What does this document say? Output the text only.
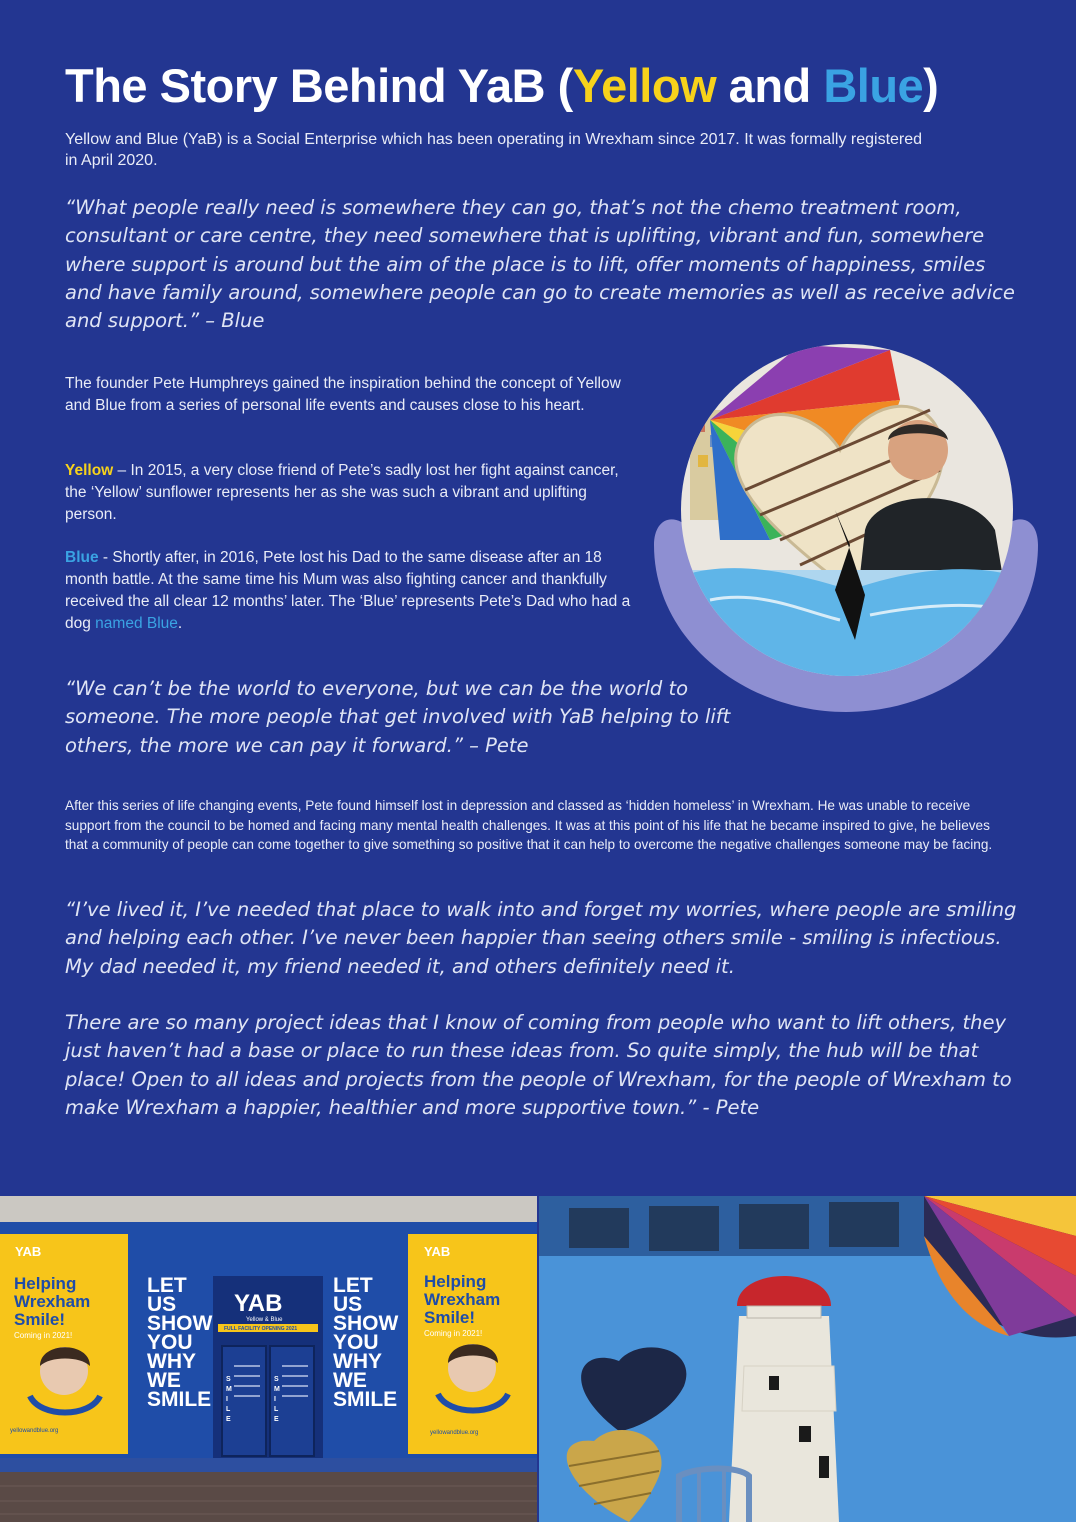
The Story Behind YaB (Yellow and Blue)

Yellow and Blue (YaB) is a Social Enterprise which has been operating in Wrexham since 2017. It was formally registered in April 2020.

“What people really need is somewhere they can go, that’s not the chemo treatment room, consultant or care centre, they need somewhere that is uplifting, vibrant and fun, somewhere where support is around but the aim of the place is to lift, offer moments of happiness, smiles and have family around, somewhere people can go to create memories as well as receive advice and support.” – Blue

The founder Pete Humphreys gained the inspiration behind the concept of Yellow and Blue from a series of personal life events and causes close to his heart.

Yellow – In 2015, a very close friend of Pete’s sadly lost her fight against cancer, the ‘Yellow’ sunflower represents her as she was such a vibrant and uplifting person.

Blue - Shortly after, in 2016, Pete lost his Dad to the same disease after an 18 month battle. At the same time his Mum was also fighting cancer and thankfully received the all clear 12 months’ later. The ‘Blue’ represents Pete’s Dad who had a dog named Blue.

“We can’t be the world to everyone, but we can be the world to someone. The more people that get involved with YaB helping to lift others, the more we can pay it forward.” – Pete

After this series of life changing events, Pete found himself lost in depression and classed as ‘hidden homeless’ in Wrexham. He was unable to receive support from the council to be homed and facing many mental health challenges. It was at this point of his life that he became inspired to give, he believes that a community of people can come together to give something so positive that it can help to overcome the negative challenges someone may be facing.

“I’ve lived it, I’ve needed that place to walk into and forget my worries, where people are smiling and helping each other. I’ve never been happier than seeing others smile - smiling is infectious. My dad needed it, my friend needed it, and others definitely need it.

There are so many project ideas that I know of coming from people who want to lift others, they just haven’t had a base or place to run these ideas from. So quite simply, the hub will be that place! Open to all ideas and projects from the people of Wrexham, for the people of Wrexham to make Wrexham a happier, healthier and more supportive town.” - Pete

YAB
Helping
Wrexham
Smile!
Coming in 2021!
yellowandblue.org
LET
US
SHOW
YOU
WHY
WE
SMILE
YAB
Yellow & Blue
FULL FACILITY OPENING 2021
S
M
I
L
E
S
M
I
L
E
LET
US
SHOW
YOU
WHY
WE
SMILE
YAB
Helping
Wrexham
Smile!
Coming in 2021!
yellowandblue.org
